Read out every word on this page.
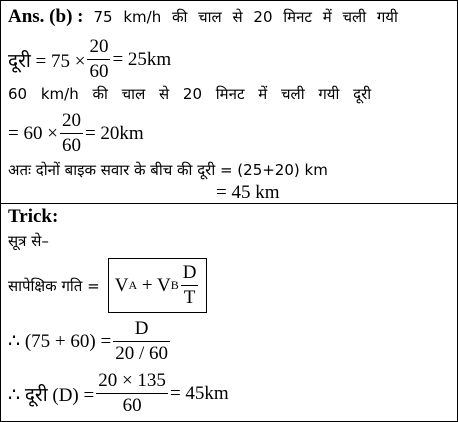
Ans. (b) : 75 km/h की चाल से 20 मिनट में चली गयी
दूरी = $75 \times \frac{20}{60} = 25km$
60 km/h की चाल से 20 मिनट में चली गयी दूरी
= $60 \times \frac{20}{60} = 20km$
अतः दोनों बाइक सवार के बीच की दूरी = (25+20) km
= 45 km
Trick:
सूत्र से–
सापेक्षिक गति = V A + V B $\frac{D}{T}$
∴ $(75 + 60) = \frac{D}{20 / 60}$
∴ दूरी $(D) = \frac{20 \times 135}{60} = 45km$
